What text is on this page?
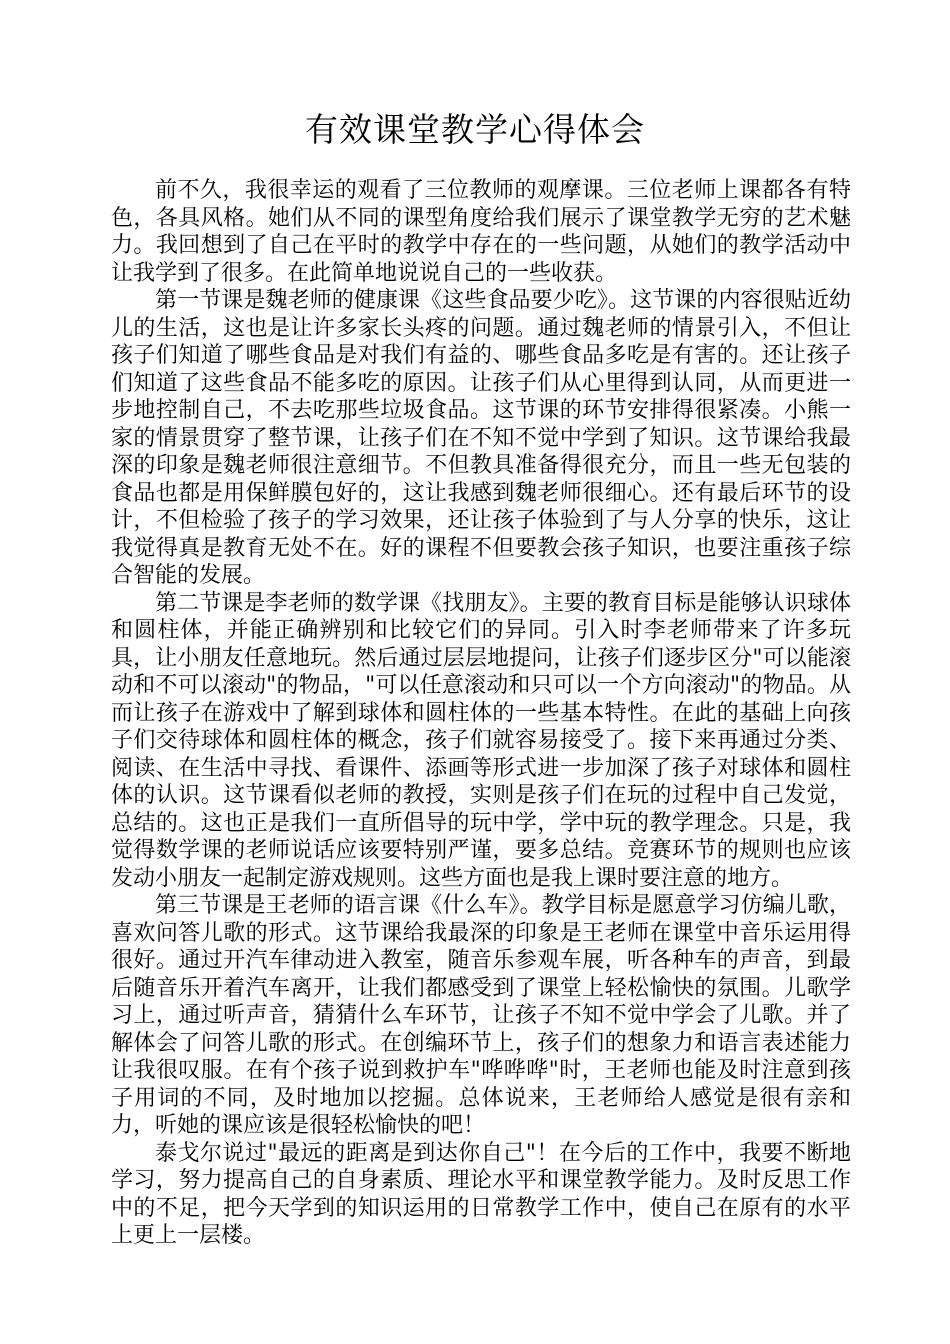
有效课堂教学心得体会

前不久，我很幸运的观看了三位教师的观摩课。三位老师上课都各有特色，各具风格。她们从不同的课型角度给我们展示了课堂教学无穷的艺术魅力。我回想到了自己在平时的教学中存在的一些问题，从她们的教学活动中让我学到了很多。在此简单地说说自己的一些收获。

第一节课是魏老师的健康课《这些食品要少吃》。这节课的内容很贴近幼儿的生活，这也是让许多家长头疼的问题。通过魏老师的情景引入，不但让孩子们知道了哪些食品是对我们有益的、哪些食品多吃是有害的。还让孩子们知道了这些食品不能多吃的原因。让孩子们从心里得到认同，从而更进一步地控制自己，不去吃那些垃圾食品。这节课的环节安排得很紧凑。小熊一家的情景贯穿了整节课，让孩子们在不知不觉中学到了知识。这节课给我最深的印象是魏老师很注意细节。不但教具准备得很充分，而且一些无包装的食品也都是用保鲜膜包好的，这让我感到魏老师很细心。还有最后环节的设计，不但检验了孩子的学习效果，还让孩子体验到了与人分享的快乐，这让我觉得真是教育无处不在。好的课程不但要教会孩子知识，也要注重孩子综合智能的发展。

第二节课是李老师的数学课《找朋友》。主要的教育目标是能够认识球体和圆柱体，并能正确辨别和比较它们的异同。引入时李老师带来了许多玩具，让小朋友任意地玩。然后通过层层地提问，让孩子们逐步区分"可以能滚动和不可以滚动"的物品，"可以任意滚动和只可以一个方向滚动"的物品。从而让孩子在游戏中了解到球体和圆柱体的一些基本特性。在此的基础上向孩子们交待球体和圆柱体的概念，孩子们就容易接受了。接下来再通过分类、阅读、在生活中寻找、看课件、添画等形式进一步加深了孩子对球体和圆柱体的认识。这节课看似老师的教授，实则是孩子们在玩的过程中自己发觉，总结的。这也正是我们一直所倡导的玩中学，学中玩的教学理念。只是，我觉得数学课的老师说话应该要特别严谨，要多总结。竞赛环节的规则也应该发动小朋友一起制定游戏规则。这些方面也是我上课时要注意的地方。

第三节课是王老师的语言课《什么车》。教学目标是愿意学习仿编儿歌，喜欢问答儿歌的形式。这节课给我最深的印象是王老师在课堂中音乐运用得很好。通过开汽车律动进入教室，随音乐参观车展，听各种车的声音，到最后随音乐开着汽车离开，让我们都感受到了课堂上轻松愉快的氛围。儿歌学习上，通过听声音，猜猜什么车环节，让孩子不知不觉中学会了儿歌。并了解体会了问答儿歌的形式。在创编环节上，孩子们的想象力和语言表述能力让我很叹服。在有个孩子说到救护车"哗哗哗"时，王老师也能及时注意到孩子用词的不同，及时地加以挖掘。总体说来，王老师给人感觉是很有亲和力，听她的课应该是很轻松愉快的吧！

泰戈尔说过"最远的距离是到达你自己"！在今后的工作中，我要不断地学习，努力提高自己的自身素质、理论水平和课堂教学能力。及时反思工作中的不足，把今天学到的知识运用的日常教学工作中，使自己在原有的水平上更上一层楼。
